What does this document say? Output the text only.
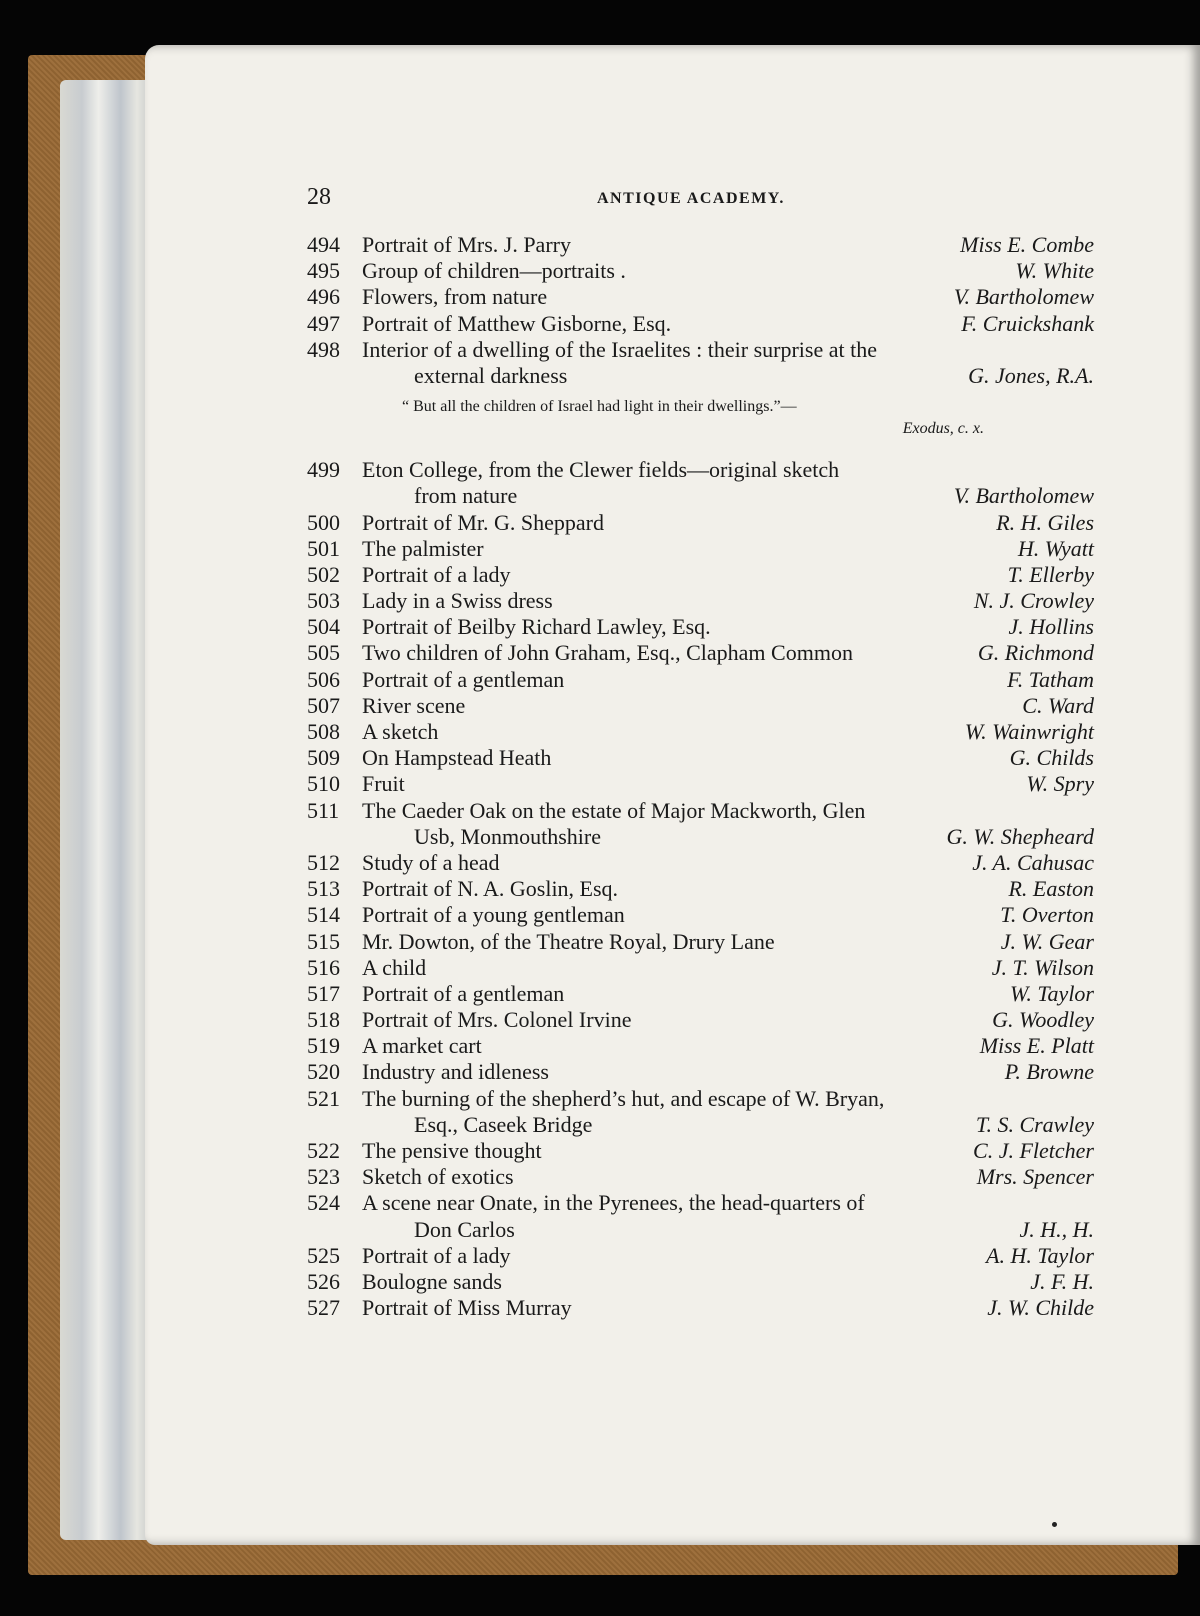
28	ANTIQUE ACADEMY.
494	Portrait of Mrs. J. Parry	Miss E. Combe
495	Group of children—portraits .	W. White
496	Flowers, from nature	V. Bartholomew
497	Portrait of Matthew Gisborne, Esq.	F. Cruickshank
498	Interior of a dwelling of the Israelites : their surprise at the
external darkness	G. Jones, R.A.
“ But all the children of Israel had light in their dwellings.”—
Exodus, c. x.
499	Eton College, from the Clewer fields—original sketch
from nature	V. Bartholomew
500	Portrait of Mr. G. Sheppard	R. H. Giles
501	The palmister	H. Wyatt
502	Portrait of a lady	T. Ellerby
503	Lady in a Swiss dress	N. J. Crowley
504	Portrait of Beilby Richard Lawley, Esq.	J. Hollins
505	Two children of John Graham, Esq., Clapham Common	G. Richmond
506	Portrait of a gentleman	F. Tatham
507	River scene	C. Ward
508	A sketch	W. Wainwright
509	On Hampstead Heath	G. Childs
510	Fruit	W. Spry
511	The Caeder Oak on the estate of Major Mackworth, Glen
Usb, Monmouthshire	G. W. Shepheard
512	Study of a head	J. A. Cahusac
513	Portrait of N. A. Goslin, Esq.	R. Easton
514	Portrait of a young gentleman	T. Overton
515	Mr. Dowton, of the Theatre Royal, Drury Lane	J. W. Gear
516	A child	J. T. Wilson
517	Portrait of a gentleman	W. Taylor
518	Portrait of Mrs. Colonel Irvine	G. Woodley
519	A market cart	Miss E. Platt
520	Industry and idleness	P. Browne
521	The burning of the shepherd’s hut, and escape of W. Bryan,
Esq., Caseek Bridge	T. S. Crawley
522	The pensive thought	C. J. Fletcher
523	Sketch of exotics	Mrs. Spencer
524	A scene near Onate, in the Pyrenees, the head-quarters of
Don Carlos	J. H., H.
525	Portrait of a lady	A. H. Taylor
526	Boulogne sands	J. F. H.
527	Portrait of Miss Murray	J. W. Childe
